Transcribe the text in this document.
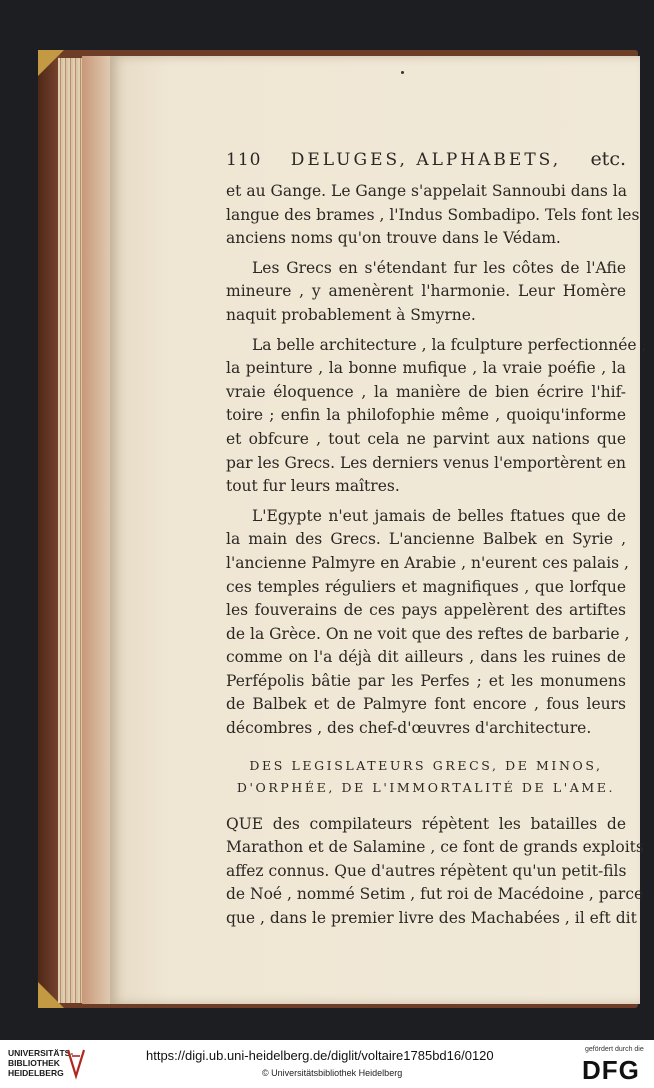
110 DELUGES, ALPHABETS, etc.
et au Gange. Le Gange s'appelait Sannoubi dans la
langue des brames , l'Indus Sombadipo. Tels font les
anciens noms qu'on trouve dans le Védam.
Les Grecs en s'étendant fur les côtes de l'Afie
mineure , y amenèrent l'harmonie. Leur Homère
naquit probablement à Smyrne.
La belle architecture , la fculpture perfectionnée ,
la peinture , la bonne mufique , la vraie poéfie , la
vraie éloquence , la manière de bien écrire l'hif-
toire ; enfin la philofophie même , quoiqu'informe
et obfcure , tout cela ne parvint aux nations que
par les Grecs. Les derniers venus l'emportèrent en
tout fur leurs maîtres.
L'Egypte n'eut jamais de belles ftatues que de
la main des Grecs. L'ancienne Balbek en Syrie ,
l'ancienne Palmyre en Arabie , n'eurent ces palais ,
ces temples réguliers et magnifiques , que lorfque
les fouverains de ces pays appelèrent des artiftes
de la Grèce. On ne voit que des reftes de barbarie ,
comme on l'a déjà dit ailleurs , dans les ruines de
Perfépolis bâtie par les Perfes ; et les monumens
de Balbek et de Palmyre font encore , fous leurs
décombres , des chef-d'œuvres d'architecture.
DES LEGISLATEURS GRECS, DE MINOS,
D'ORPHÉE, DE L'IMMORTALITÉ DE L'AME.
QUE des compilateurs répètent les batailles de
Marathon et de Salamine , ce font de grands exploits
affez connus. Que d'autres répètent qu'un petit-fils
de Noé , nommé Setim , fut roi de Macédoine , parce
que , dans le premier livre des Machabées , il eft dit
UNIVERSITÄTS-
BIBLIOTHEK
HEIDELBERG
https://digi.ub.uni-heidelberg.de/diglit/voltaire1785bd16/0120
© Universitätsbibliothek Heidelberg
gefördert durch die
DFG
